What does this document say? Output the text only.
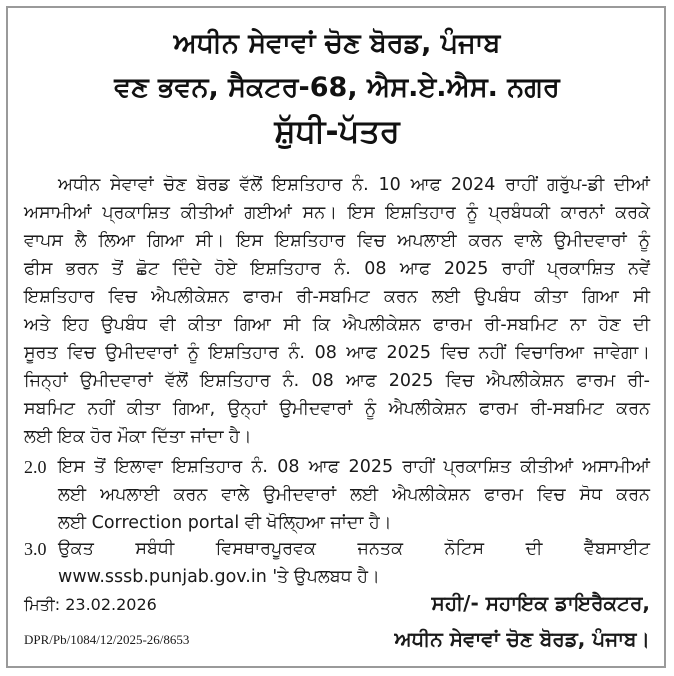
ਅਧੀਨ ਸੇਵਾਵਾਂ ਚੋਣ ਬੋਰਡ, ਪੰਜਾਬ
ਵਣ ਭਵਨ, ਸੈਕਟਰ-68, ਐਸ.ਏ.ਐਸ. ਨਗਰ
ਸ਼ੁੱਧੀ-ਪੱਤਰ
ਅਧੀਨ ਸੇਵਾਵਾਂ ਚੋਣ ਬੋਰਡ ਵੱਲੋਂ ਇਸ਼ਤਿਹਾਰ ਨੰ. 10 ਆਫ 2024 ਰਾਹੀਂ ਗਰੁੱਪ-ਡੀ ਦੀਆਂ
ਅਸਾਮੀਆਂ ਪ੍ਰਕਾਸ਼ਿਤ ਕੀਤੀਆਂ ਗਈਆਂ ਸਨ। ਇਸ ਇਸ਼ਤਿਹਾਰ ਨੂੰ ਪ੍ਰਬੰਧਕੀ ਕਾਰਨਾਂ ਕਰਕੇ
ਵਾਪਸ ਲੈ ਲਿਆ ਗਿਆ ਸੀ। ਇਸ ਇਸ਼ਤਿਹਾਰ ਵਿਚ ਅਪਲਾਈ ਕਰਨ ਵਾਲੇ ਉਮੀਦਵਾਰਾਂ ਨੂੰ
ਫੀਸ ਭਰਨ ਤੋਂ ਛੋਟ ਦਿੰਦੇ ਹੋਏ ਇਸ਼ਤਿਹਾਰ ਨੰ. 08 ਆਫ 2025 ਰਾਹੀਂ ਪ੍ਰਕਾਸ਼ਿਤ ਨਵੇਂ
ਇਸ਼ਤਿਹਾਰ ਵਿਚ ਐਪਲੀਕੇਸ਼ਨ ਫਾਰਮ ਰੀ-ਸਬਮਿਟ ਕਰਨ ਲਈ ਉਪਬੰਧ ਕੀਤਾ ਗਿਆ ਸੀ
ਅਤੇ ਇਹ ਉਪਬੰਧ ਵੀ ਕੀਤਾ ਗਿਆ ਸੀ ਕਿ ਐਪਲੀਕੇਸ਼ਨ ਫਾਰਮ ਰੀ-ਸਬਮਿਟ ਨਾ ਹੋਣ ਦੀ
ਸੂਰਤ ਵਿਚ ਉਮੀਦਵਾਰਾਂ ਨੂੰ ਇਸ਼ਤਿਹਾਰ ਨੰ. 08 ਆਫ 2025 ਵਿਚ ਨਹੀਂ ਵਿਚਾਰਿਆ ਜਾਵੇਗਾ।
ਜਿਨ੍ਹਾਂ ਉਮੀਦਵਾਰਾਂ ਵੱਲੋਂ ਇਸ਼ਤਿਹਾਰ ਨੰ. 08 ਆਫ 2025 ਵਿਚ ਐਪਲੀਕੇਸ਼ਨ ਫਾਰਮ ਰੀ-
ਸਬਮਿਟ ਨਹੀਂ ਕੀਤਾ ਗਿਆ, ਉਨ੍ਹਾਂ ਉਮੀਦਵਾਰਾਂ ਨੂੰ ਐਪਲੀਕੇਸ਼ਨ ਫਾਰਮ ਰੀ-ਸਬਮਿਟ ਕਰਨ
ਲਈ ਇਕ ਹੋਰ ਮੌਕਾ ਦਿੱਤਾ ਜਾਂਦਾ ਹੈ।
2.0 ਇਸ ਤੋਂ ਇਲਾਵਾ ਇਸ਼ਤਿਹਾਰ ਨੰ. 08 ਆਫ 2025 ਰਾਹੀਂ ਪ੍ਰਕਾਸ਼ਿਤ ਕੀਤੀਆਂ ਅਸਾਮੀਆਂ
ਲਈ ਅਪਲਾਈ ਕਰਨ ਵਾਲੇ ਉਮੀਦਵਾਰਾਂ ਲਈ ਐਪਲੀਕੇਸ਼ਨ ਫਾਰਮ ਵਿਚ ਸੋਧ ਕਰਨ
ਲਈ Correction portal ਵੀ ਖੋਲ੍ਹਿਆ ਜਾਂਦਾ ਹੈ।
3.0 ਉਕਤ ਸਬੰਧੀ ਵਿਸਥਾਰਪੂਰਵਕ ਜਨਤਕ ਨੋਟਿਸ ਦੀ ਵੈੱਬਸਾਈਟ
www.sssb.punjab.gov.in 'ਤੇ ਉਪਲਬਧ ਹੈ।
ਮਿਤੀ: 23.02.2026
DPR/Pb/1084/12/2025-26/8653
ਸਹੀ/- ਸਹਾਇਕ ਡਾਇਰੈਕਟਰ,
ਅਧੀਨ ਸੇਵਾਵਾਂ ਚੋਣ ਬੋਰਡ, ਪੰਜਾਬ।
